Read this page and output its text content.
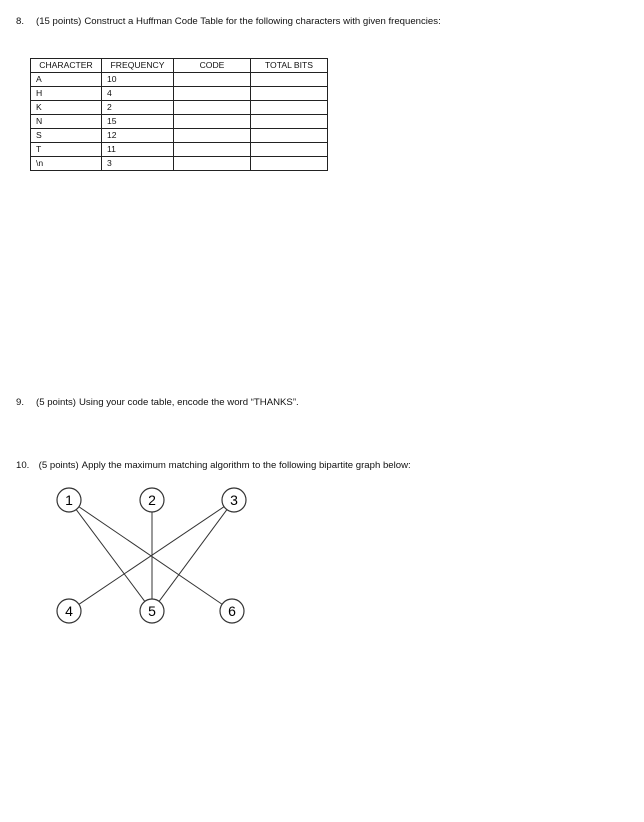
8. (15 points) Construct a Huffman Code Table for the following characters with given frequencies:
CHARACTER	FREQUENCY	CODE	TOTAL BITS
A	10		
H	4		
K	2		
N	15		
S	12		
T	11		
\n	3		
9. (5 points) Using your code table, encode the word “THANKS”.
10. (5 points) Apply the maximum matching algorithm to the following bipartite graph below:
1	2	3
4	5	6
